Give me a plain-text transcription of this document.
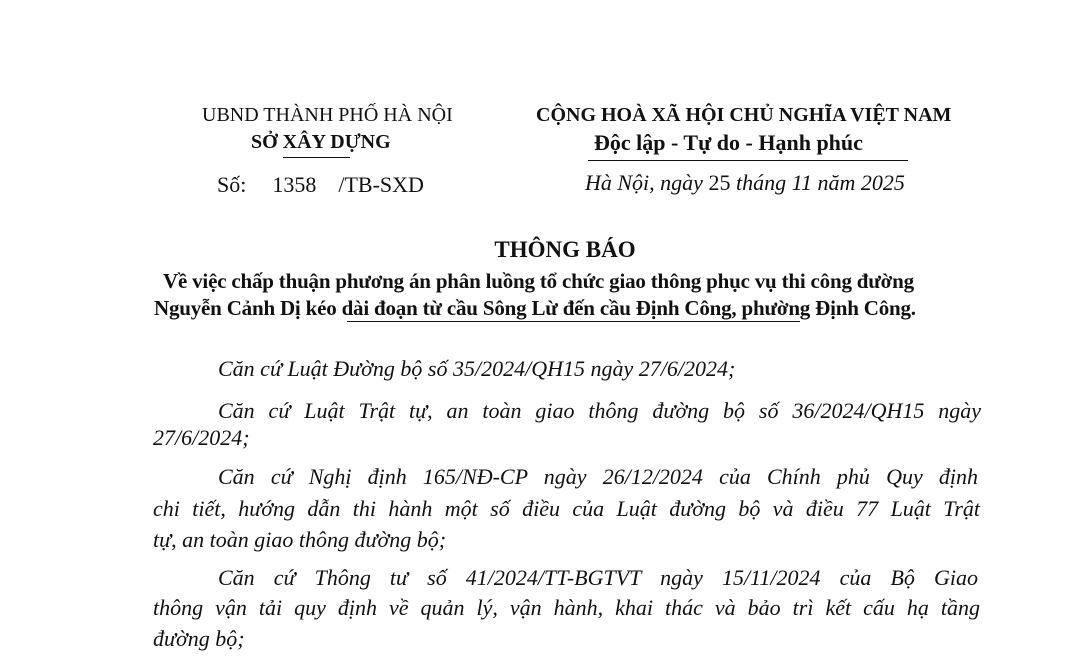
UBND THÀNH PHỐ HÀ NỘI
SỞ XÂY DỰNG
Số: 1358 /TB-SXD
CỘNG HOÀ XÃ HỘI CHỦ NGHĨA VIỆT NAM
Độc lập - Tự do - Hạnh phúc
Hà Nội, ngày 25 tháng 11 năm 2025
THÔNG BÁO
Về việc chấp thuận phương án phân luồng tổ chức giao thông phục vụ thi công đường
Nguyễn Cảnh Dị kéo dài đoạn từ cầu Sông Lừ đến cầu Định Công, phường Định Công.
Căn cứ Luật Đường bộ số 35/2024/QH15 ngày 27/6/2024;
Căn cứ Luật Trật tự, an toàn giao thông đường bộ số 36/2024/QH15 ngày
27/6/2024;
Căn cứ Nghị định 165/NĐ-CP ngày 26/12/2024 của Chính phủ Quy định
chi tiết, hướng dẫn thi hành một số điều của Luật đường bộ và điều 77 Luật Trật
tự, an toàn giao thông đường bộ;
Căn cứ Thông tư số 41/2024/TT-BGTVT ngày 15/11/2024 của Bộ Giao
thông vận tải quy định về quản lý, vận hành, khai thác và bảo trì kết cấu hạ tầng
đường bộ;
